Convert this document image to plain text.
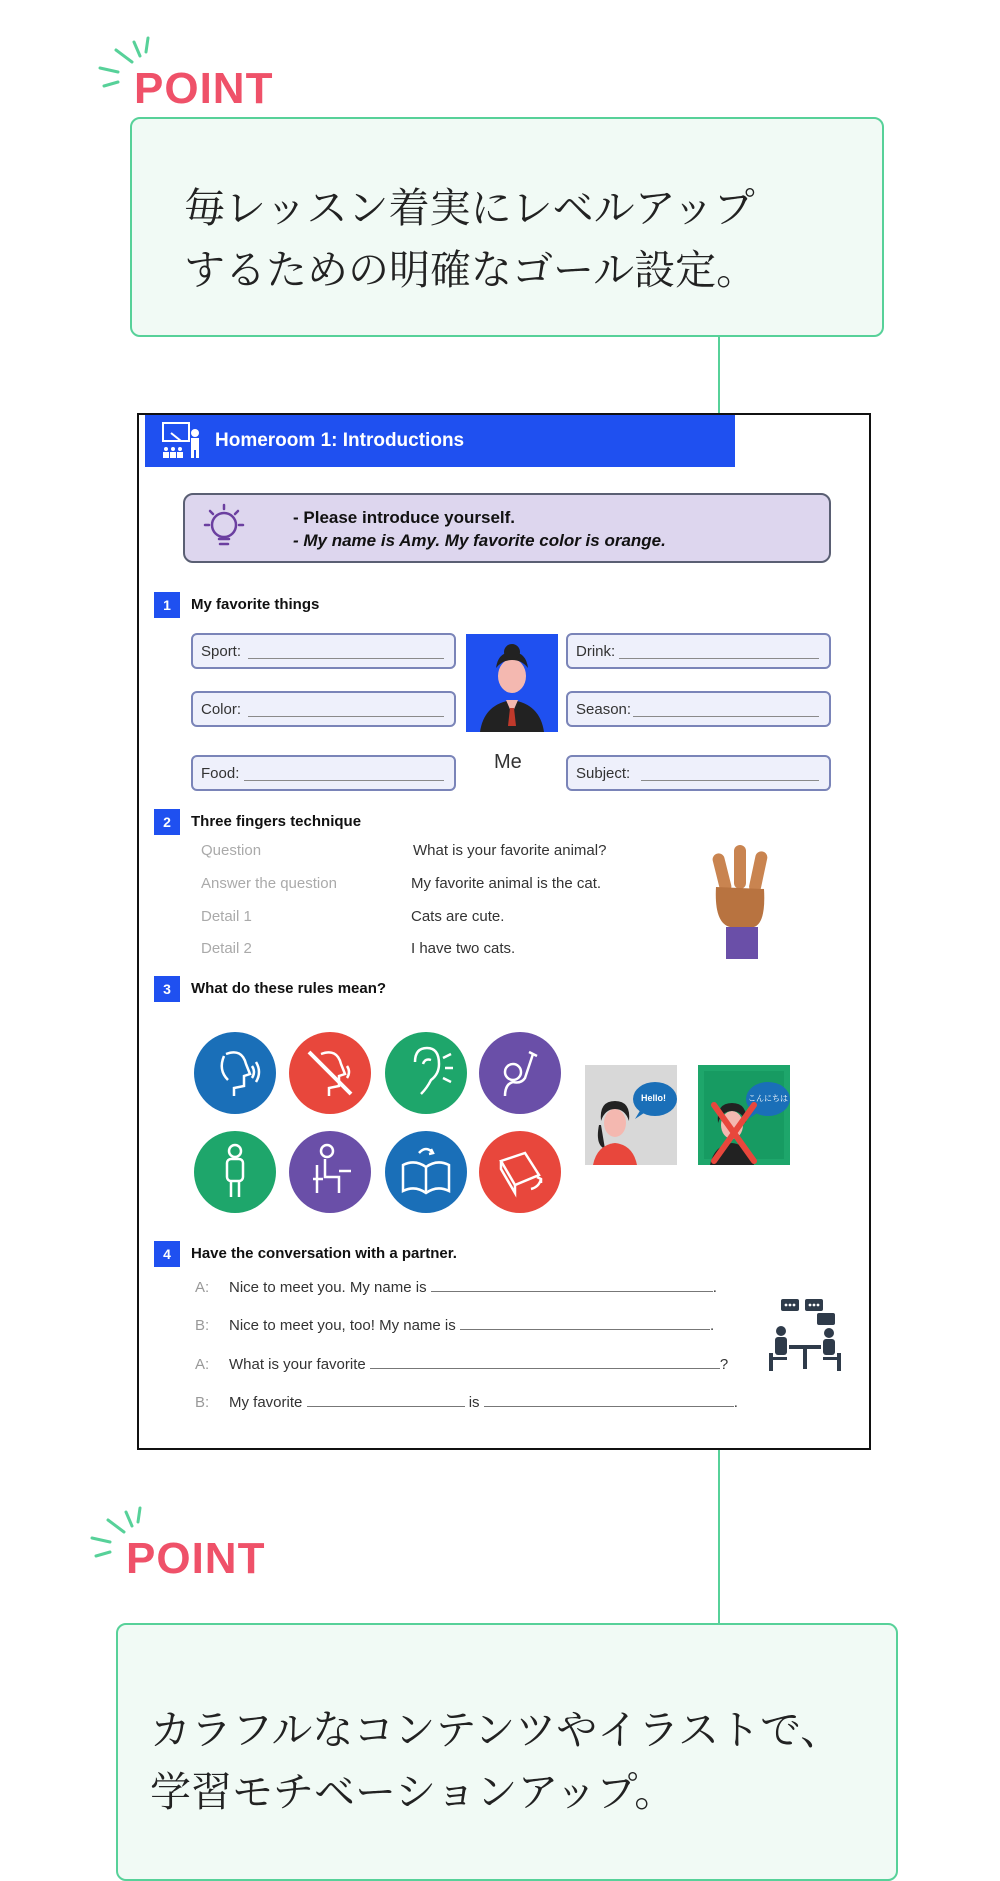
POINT
毎レッスン着実にレベルアップ
するための明確なゴール設定。
Homeroom 1: Introductions
- Please introduce yourself.
- My name is Amy. My favorite color is orange.
1	My favorite things
Sport:
Color:
Food:
Drink:
Season:
Subject:
Me
2	Three fingers technique
Question	What is your favorite animal?
Answer the question	My favorite animal is the cat.
Detail 1	Cats are cute.
Detail 2	I have two cats.
3	What do these rules mean?
Hello!	こんにちは
4	Have the conversation with a partner.
A: Nice to meet you. My name is	.
B: Nice to meet you, too! My name is	.
A: What is your favorite	?
B: My favorite	is	.
POINT
カラフルなコンテンツやイラストで、
学習モチベーションアップ。
